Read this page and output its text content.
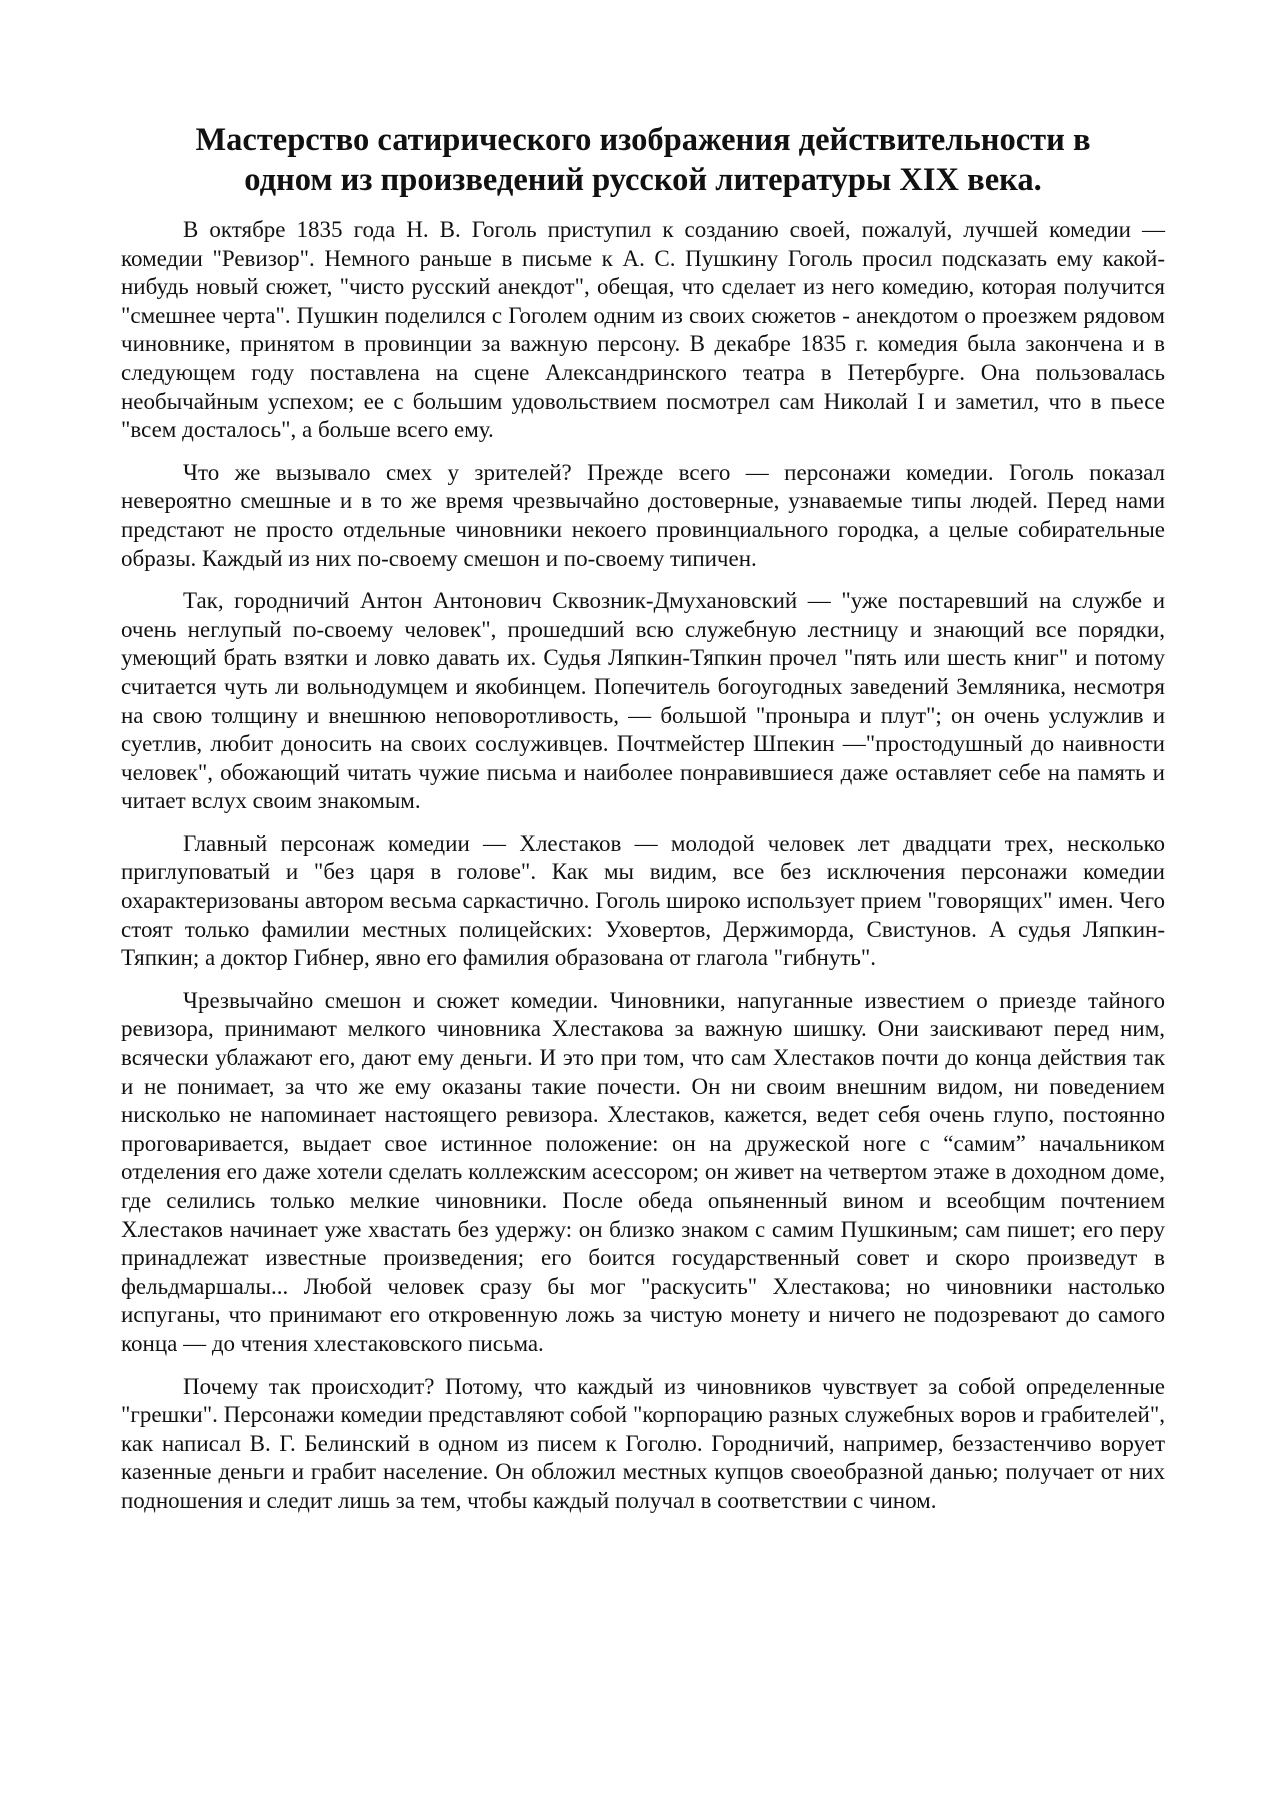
Мастерство сатирического изображения действительности в
одном из произведений русской литературы XIX века.

В октябре 1835 года Н. В. Гоголь приступил к созданию своей, пожалуй, лучшей комедии — комедии "Ревизор". Немного раньше в письме к А. С. Пушкину Гоголь просил подсказать ему какой-нибудь новый сюжет, "чисто русский анекдот", обещая, что сделает из него комедию, которая получится "смешнее черта". Пушкин поделился с Гоголем одним из своих сюжетов - анекдотом о проезжем рядовом чиновнике, принятом в провинции за важную персону. В декабре 1835 г. комедия была закончена и в следующем году поставлена на сцене Александринского театра в Петербурге. Она пользовалась необычайным успехом; ее с большим удовольствием посмотрел сам Николай I и заметил, что в пьесе "всем досталось", а больше всего ему.

Что же вызывало смех у зрителей? Прежде всего — персонажи комедии. Гоголь показал невероятно смешные и в то же время чрезвычайно достоверные, узнаваемые типы людей. Перед нами предстают не просто отдельные чиновники некоего провинциального городка, а целые собирательные образы. Каждый из них по-своему смешон и по-своему типичен.

Так, городничий Антон Антонович Сквозник-Дмухановский — "уже постаревший на службе и очень неглупый по-своему человек", прошедший всю служебную лестницу и знающий все порядки, умеющий брать взятки и ловко давать их. Судья Ляпкин-Тяпкин прочел "пять или шесть книг" и потому считается чуть ли вольнодумцем и якобинцем. Попечитель богоугодных заведений Земляника, несмотря на свою толщину и внешнюю неповоротливость, — большой "проныра и плут"; он очень услужлив и суетлив, любит доносить на своих сослуживцев. Почтмейстер Шпекин —"простодушный до наивности человек", обожающий читать чужие письма и наиболее понравившиеся даже оставляет себе на память и читает вслух своим знакомым.

Главный персонаж комедии — Хлестаков — молодой человек лет двадцати трех, несколько приглуповатый и "без царя в голове". Как мы видим, все без исключения персонажи комедии охарактеризованы автором весьма саркастично. Гоголь широко использует прием "говорящих" имен. Чего стоят только фамилии местных полицейских: Уховертов, Держиморда, Свистунов. А судья Ляпкин-Тяпкин; а доктор Гибнер, явно его фамилия образована от глагола "гибнуть".

Чрезвычайно смешон и сюжет комедии. Чиновники, напуганные известием о приезде тайного ревизора, принимают мелкого чиновника Хлестакова за важную шишку. Они заискивают перед ним, всячески ублажают его, дают ему деньги. И это при том, что сам Хлестаков почти до конца действия так и не понимает, за что же ему оказаны такие почести. Он ни своим внешним видом, ни поведением нисколько не напоминает настоящего ревизора. Хлестаков, кажется, ведет себя очень глупо, постоянно проговаривается, выдает свое истинное положение: он на дружеской ноге с “самим” начальником отделения его даже хотели сделать коллежским асессором; он живет на четвертом этаже в доходном доме, где селились только мелкие чиновники. После обеда опьяненный вином и всеобщим почтением Хлестаков начинает уже хвастать без удержу: он близко знаком с самим Пушкиным; сам пишет; его перу принадлежат известные произведения; его боится государственный совет и скоро произведут в фельдмаршалы... Любой человек сразу бы мог "раскусить" Хлестакова; но чиновники настолько испуганы, что принимают его откровенную ложь за чистую монету и ничего не подозревают до самого конца — до чтения хлестаковского письма.

Почему так происходит? Потому, что каждый из чиновников чувствует за собой определенные "грешки". Персонажи комедии представляют собой "корпорацию разных служебных воров и грабителей", как написал В. Г. Белинский в одном из писем к Гоголю. Городничий, например, беззастенчиво ворует казенные деньги и грабит население. Он обложил местных купцов своеобразной данью; получает от них подношения и следит лишь за тем, чтобы каждый получал в соответствии с чином.
